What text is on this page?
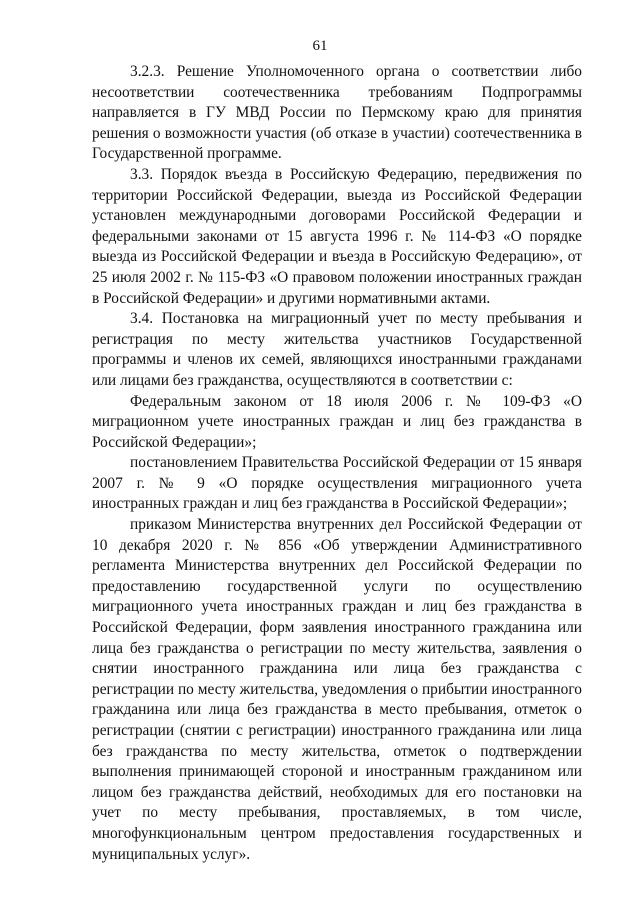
61

3.2.3. Решение Уполномоченного органа о соответствии либо несоответствии соотечественника требованиям Подпрограммы направляется в ГУ МВД России по Пермскому краю для принятия решения о возможности участия (об отказе в участии) соотечественника в Государственной программе.

3.3. Порядок въезда в Российскую Федерацию, передвижения по территории Российской Федерации, выезда из Российской Федерации установлен международными договорами Российской Федерации и федеральными законами от 15 августа 1996 г. № 114-ФЗ «О порядке выезда из Российской Федерации и въезда в Российскую Федерацию», от 25 июля 2002 г. № 115-ФЗ «О правовом положении иностранных граждан в Российской Федерации» и другими нормативными актами.

3.4. Постановка на миграционный учет по месту пребывания и регистрация по месту жительства участников Государственной программы и членов их семей, являющихся иностранными гражданами или лицами без гражданства, осуществляются в соответствии с:

Федеральным законом от 18 июля 2006 г. № 109-ФЗ «О миграционном учете иностранных граждан и лиц без гражданства в Российской Федерации»;

постановлением Правительства Российской Федерации от 15 января 2007 г. № 9 «О порядке осуществления миграционного учета иностранных граждан и лиц без гражданства в Российской Федерации»;

приказом Министерства внутренних дел Российской Федерации от 10 декабря 2020 г. № 856 «Об утверждении Административного регламента Министерства внутренних дел Российской Федерации по предоставлению государственной услуги по осуществлению миграционного учета иностранных граждан и лиц без гражданства в Российской Федерации, форм заявления иностранного гражданина или лица без гражданства о регистрации по месту жительства, заявления о снятии иностранного гражданина или лица без гражданства с регистрации по месту жительства, уведомления о прибытии иностранного гражданина или лица без гражданства в место пребывания, отметок о регистрации (снятии с регистрации) иностранного гражданина или лица без гражданства по месту жительства, отметок о подтверждении выполнения принимающей стороной и иностранным гражданином или лицом без гражданства действий, необходимых для его постановки на учет по месту пребывания, проставляемых, в том числе, многофункциональным центром предоставления государственных и муниципальных услуг».
